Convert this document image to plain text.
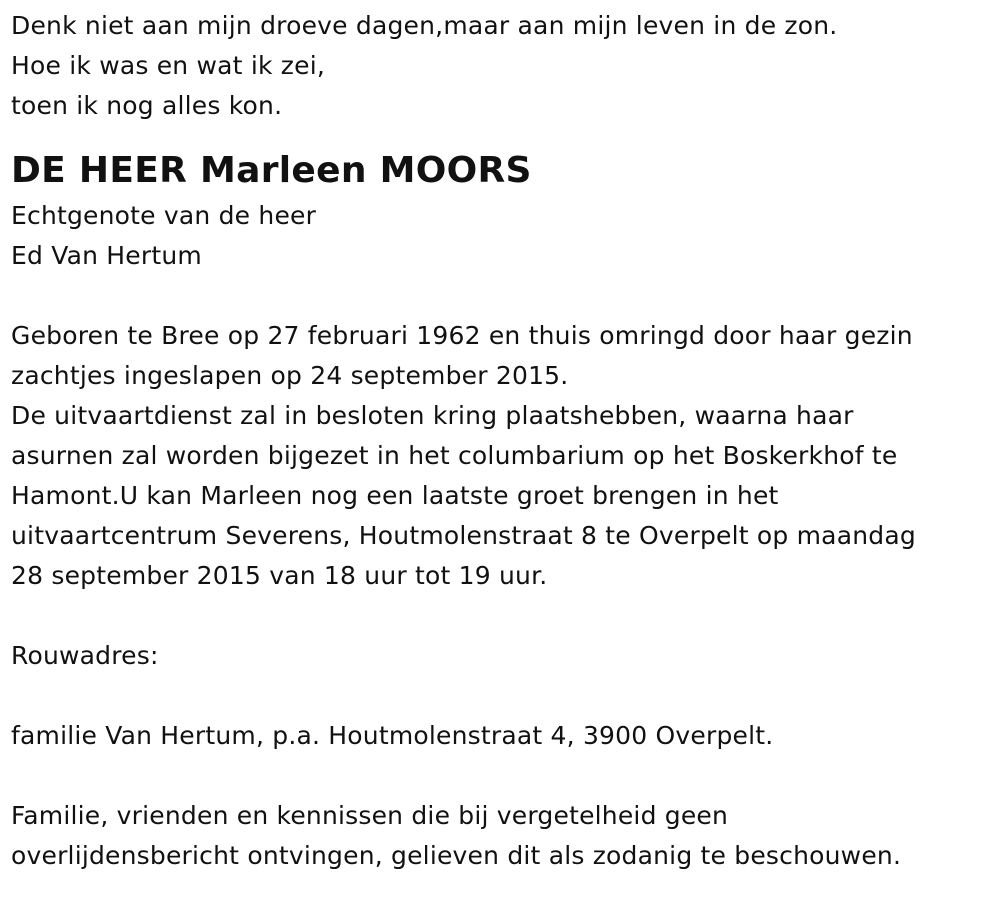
Denk niet aan mijn droeve dagen,maar aan mijn leven in de zon.
Hoe ik was en wat ik zei,
toen ik nog alles kon.
DE HEER Marleen MOORS
Echtgenote van de heer
Ed Van Hertum
Geboren te Bree op 27 februari 1962 en thuis omringd door haar gezin
zachtjes ingeslapen op 24 september 2015.
De uitvaartdienst zal in besloten kring plaatshebben, waarna haar
asurnen zal worden bijgezet in het columbarium op het Boskerkhof te
Hamont.U kan Marleen nog een laatste groet brengen in het
uitvaartcentrum Severens, Houtmolenstraat 8 te Overpelt op maandag
28 september 2015 van 18 uur tot 19 uur.
Rouwadres:
familie Van Hertum, p.a. Houtmolenstraat 4, 3900 Overpelt.
Familie, vrienden en kennissen die bij vergetelheid geen
overlijdensbericht ontvingen, gelieven dit als zodanig te beschouwen.
